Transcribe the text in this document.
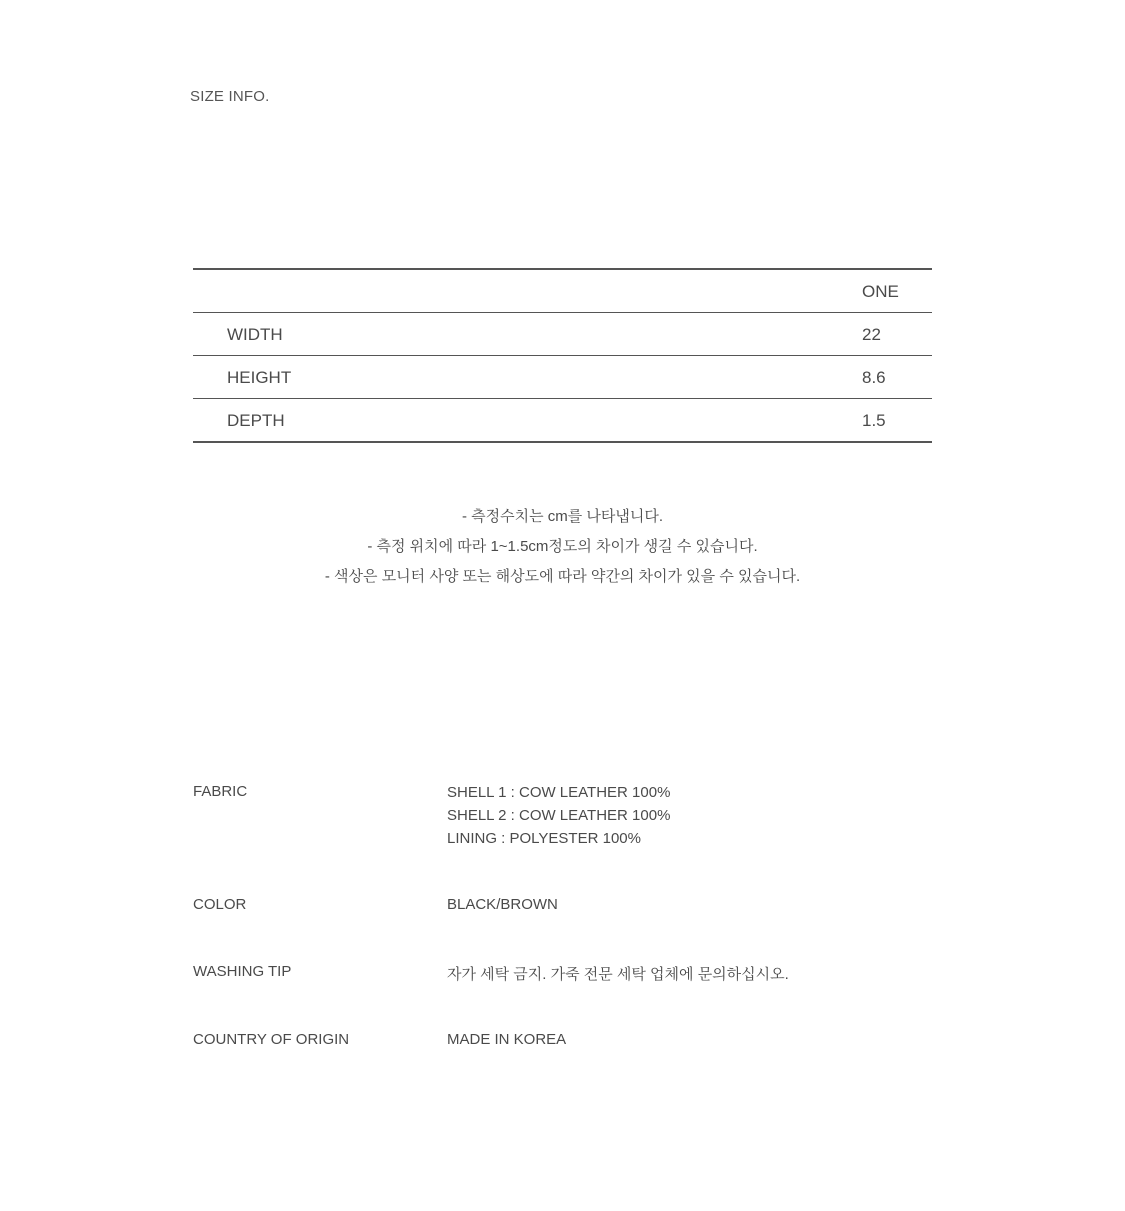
SIZE INFO.
ONE
WIDTH	22
HEIGHT	8.6
DEPTH	1.5
- 측정수치는 cm를 나타냅니다.
- 측정 위치에 따라 1~1.5cm정도의 차이가 생길 수 있습니다.
- 색상은 모니터 사양 또는 해상도에 따라 약간의 차이가 있을 수 있습니다.
FABRIC	SHELL 1 : COW LEATHER 100%
SHELL 2 : COW LEATHER 100%
LINING : POLYESTER 100%
COLOR	BLACK/BROWN
WASHING TIP	자가 세탁 금지. 가죽 전문 세탁 업체에 문의하십시오.
COUNTRY OF ORIGIN	MADE IN KOREA
